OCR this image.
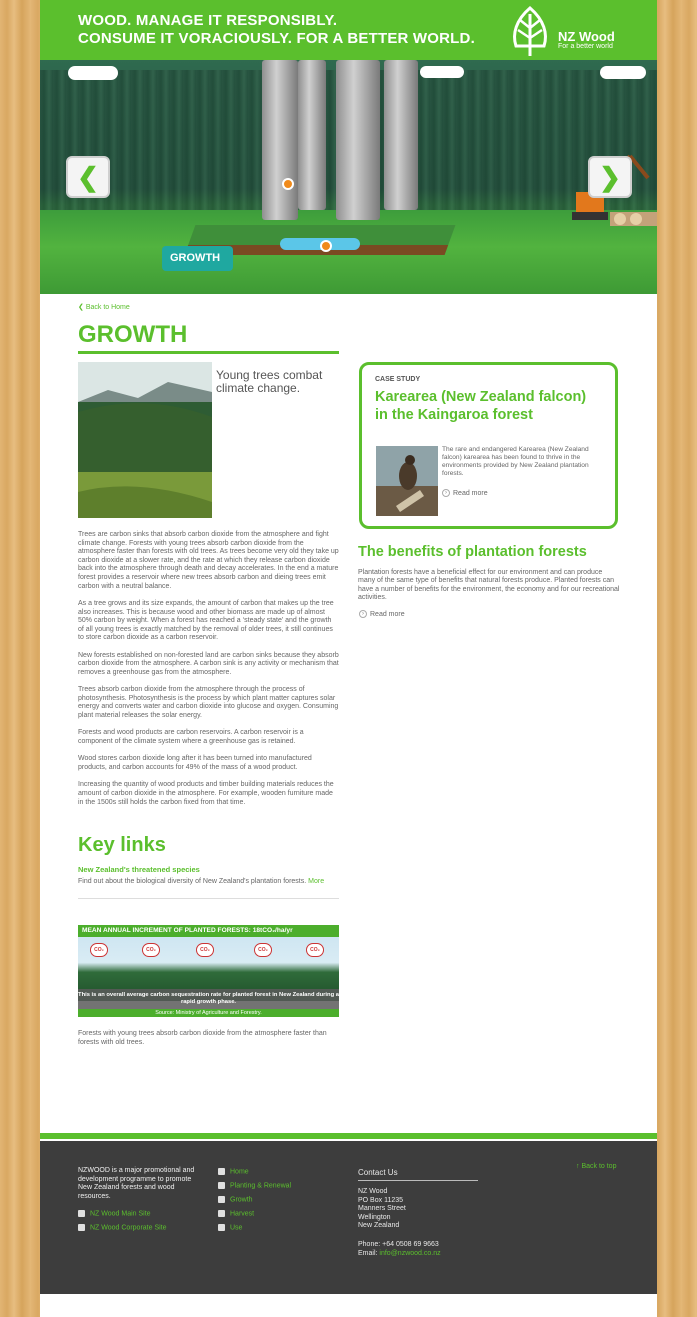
WOOD. MANAGE IT RESPONSIBLY.
CONSUME IT VORACIOUSLY. FOR A BETTER WORLD.	NZ Wood
For a better world
❮	❯
GROWTH
❮ Back to Home
GROWTH
Young trees combat climate change.

Trees are carbon sinks that absorb carbon dioxide from the atmosphere and fight climate change. Forests with young trees absorb carbon dioxide from the atmosphere faster than forests with old trees. As trees become very old they take up carbon dioxide at a slower rate, and the rate at which they release carbon dioxide back into the atmosphere through death and decay accelerates. In the end a mature forest provides a reservoir where new trees absorb carbon and dieing trees emit carbon with a neutral balance.

As a tree grows and its size expands, the amount of carbon that makes up the tree also increases. This is because wood and other biomass are made up of almost 50% carbon by weight. When a forest has reached a ‘steady state’ and the growth of all young trees is exactly matched by the removal of older trees, it still continues to store carbon dioxide as a carbon reservoir.

New forests established on non-forested land are carbon sinks because they absorb carbon dioxide from the atmosphere. A carbon sink is any activity or mechanism that removes a greenhouse gas from the atmosphere.

Trees absorb carbon dioxide from the atmosphere through the process of photosynthesis. Photosynthesis is the process by which plant matter captures solar energy and converts water and carbon dioxide into glucose and oxygen. Consuming plant material releases the solar energy.

Forests and wood products are carbon reservoirs. A carbon reservoir is a component of the climate system where a greenhouse gas is retained.

Wood stores carbon dioxide long after it has been turned into manufactured products, and carbon accounts for 49% of the mass of a wood product.

Increasing the quantity of wood products and timber building materials reduces the amount of carbon dioxide in the atmosphere. For example, wooden furniture made in the 1500s still holds the carbon fixed from that time.

Key links
New Zealand's threatened species
Find out about the biological diversity of New Zealand's plantation forests. More
MEAN ANNUAL INCREMENT OF PLANTED FORESTS: 18tCO₂/ha/yr
CO₂	CO₂	CO₂	CO₂	CO₂
This is an overall average carbon sequestration rate for planted forest in New Zealand during a rapid growth phase.
Source: Ministry of Agriculture and Forestry.
Forests with young trees absorb carbon dioxide from the atmosphere faster than forests with old trees.
CASE STUDY
Karearea (New Zealand falcon) in the Kaingaroa forest
The rare and endangered Karearea (New Zealand falcon) karearea has been found to thrive in the environments provided by New Zealand plantation forests.
› Read more
The benefits of plantation forests
Plantation forests have a beneficial effect for our environment and can produce many of the same type of benefits that natural forests produce. Planted forests can have a number of benefits for the environment, the economy and for our recreational activities.
› Read more
NZWOOD is a major promotional and development programme to promote New Zealand forests and wood resources.
NZ Wood Main Site
NZ Wood Corporate Site
Home
Planting & Renewal
Growth
Harvest
Use
Contact Us
NZ Wood
PO Box 11235
Manners Street
Wellington
New Zealand
Phone: +64 0508 69 9663
Email: info@nzwood.co.nz
↑ Back to top
